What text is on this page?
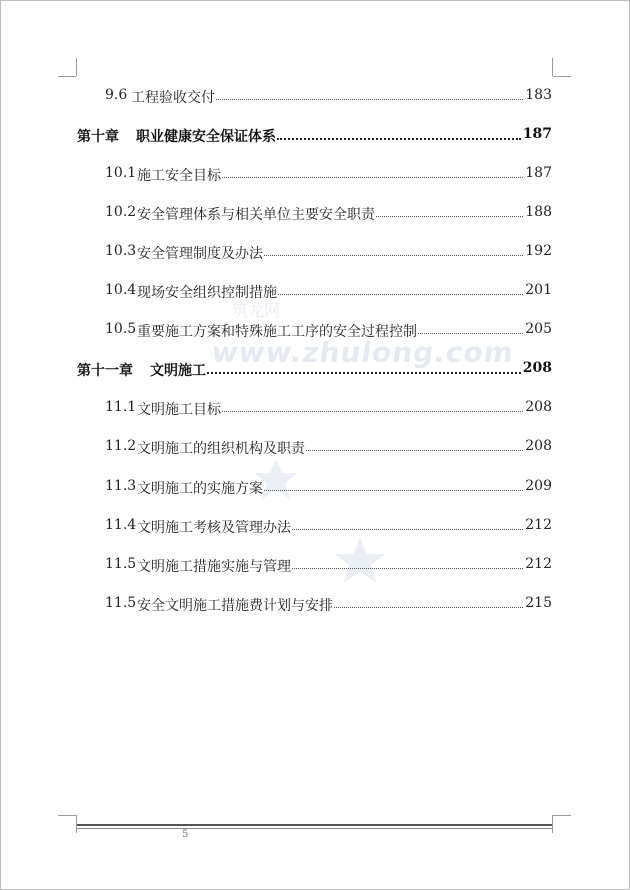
筑龙网
www.zhulong.com
9.6 工程验收交付	183
第十章 职业健康安全保证体系	187
10.1 施工安全目标	187
10.2 安全管理体系与相关单位主要安全职责	188
10.3 安全管理制度及办法	192
10.4 现场安全组织控制措施	201
10.5 重要施工方案和特殊施工工序的安全过程控制	205
第十一章 文明施工	208
11.1 文明施工目标	208
11.2 文明施工的组织机构及职责	208
11.3 文明施工的实施方案	209
11.4 文明施工考核及管理办法	212
11.5 文明施工措施实施与管理	212
11.5 安全文明施工措施费计划与安排	215
5
